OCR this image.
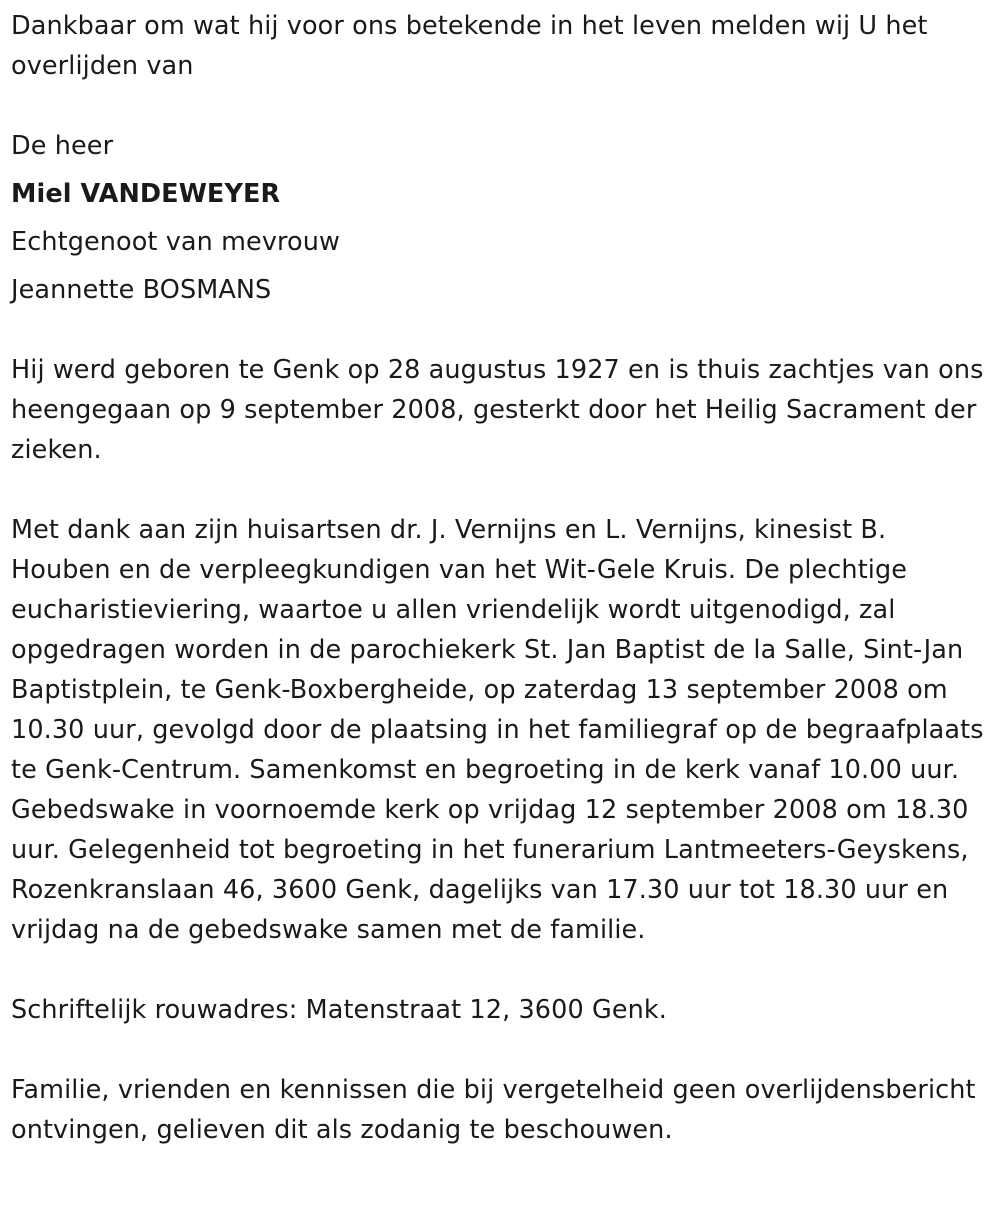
Dankbaar om wat hij voor ons betekende in het leven melden wij U het overlijden van

De heer

Miel VANDEWEYER

Echtgenoot van mevrouw

Jeannette BOSMANS

Hij werd geboren te Genk op 28 augustus 1927 en is thuis zachtjes van ons heengegaan op 9 september 2008, gesterkt door het Heilig Sacrament der zieken.

Met dank aan zijn huisartsen dr. J. Vernijns en L. Vernijns, kinesist B. Houben en de verpleegkundigen van het Wit-Gele Kruis. De plechtige eucharistieviering, waartoe u allen vriendelijk wordt uitgenodigd, zal opgedragen worden in de parochiekerk St. Jan Baptist de la Salle, Sint-Jan Baptistplein, te Genk-Boxbergheide, op zaterdag 13 september 2008 om 10.30 uur, gevolgd door de plaatsing in het familiegraf op de begraafplaats te Genk-Centrum. Samenkomst en begroeting in de kerk vanaf 10.00 uur. Gebedswake in voornoemde kerk op vrijdag 12 september 2008 om 18.30 uur. Gelegenheid tot begroeting in het funerarium Lantmeeters-Geyskens, Rozenkranslaan 46, 3600 Genk, dagelijks van 17.30 uur tot 18.30 uur en vrijdag na de gebedswake samen met de familie.

Schriftelijk rouwadres: Matenstraat 12, 3600 Genk.

Familie, vrienden en kennissen die bij vergetelheid geen overlijdensbericht ontvingen, gelieven dit als zodanig te beschouwen.
